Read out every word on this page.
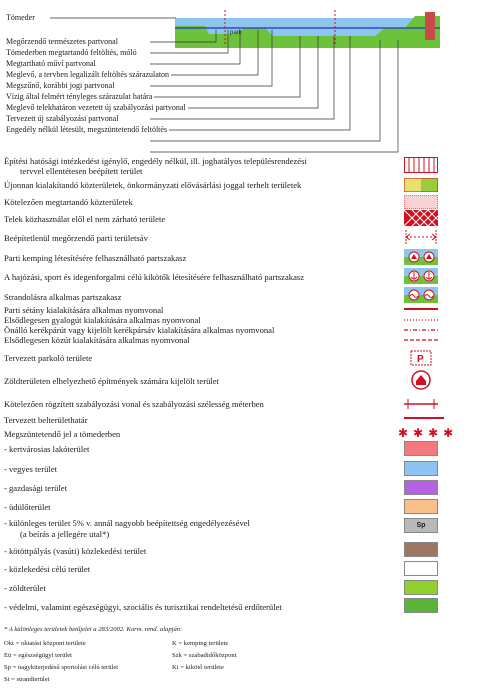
park
Tömeder
Megőrzendő természetes partvonal
Tömederben megtartandó feltöltés, móló
Megtartható műví partvonal
Meglevő, a tervben legalizált feltöltés szárazulaton
Megszűnő, korábbi jogi partvonal
Vízig által felmért tényleges szárazulat határa
Meglevő telekhatáron vezetett új szabályozási partvonal
Tervezett új szabályozási partvonal
Engedély nélkül létesült, megszüntetendő feltöltés
Építési hatósági intézkedést igénylő, engedély nélkül, ill. joghatályos településrendezési
tervvel ellentétesen beépített terület
Újonnan kialakítandó közterületek, önkormányzati elővásárlási joggal terhelt területek
Kötelezően megtartandó közterületek
Telek közhasználat elől el nem zárható területe
Beépítetlenül megőrzendő parti területsáv
Parti kemping létesítésére felhasználható partszakasz
A hajózási, sport és idegenforgalmi célú kikötők létesítésére felhasználható partszakasz
Strandolásra alkalmas partszakasz
Parti sétány kialakítására alkalmas nyomvonal
Elsődlegesen gyalogút kialakítására alkalmas nyomvonal
Önálló kerékpárút vagy kijelölt kerékpársáv kialakítására alkalmas nyomvonal
Elsődlegesen közút kialakítására alkalmas nyomvonal
Tervezett parkoló területe	P
Zöldterületen elhelyezhető építmények számára kijelölt terület
Kötelezően rögzített szabályozási vonal és szabályozási szélesség méterben
Tervezett belterülethatár
Megszüntetendő jel a tömederben	✱✱✱✱
- kertvárosias lakóterület
- vegyes terület
- gazdasági terület
- üdülőterület
- különleges terület 5% v. annál nagyobb beépítettség engedélyezésével
(a beírás a jellegére utal*)
Sp
- kötöttpályás (vasúti) közlekedési terület
- közlekedési célú terület
- zöldterület
- védelmi, valamint egészségügyi, szociális és turisztikai rendeltetésű erdőterület
* A különleges területek betűjelei a 283/2002. Korm. rend. alapján:
Okt = oktatási központ területe
Eü = egészségügyi terület
Sp = nagykiterjedésű sportolási célú terület
St = strandterület
K = kemping területe
Szk = szabadidőközpont
Ki = kikötő területe
